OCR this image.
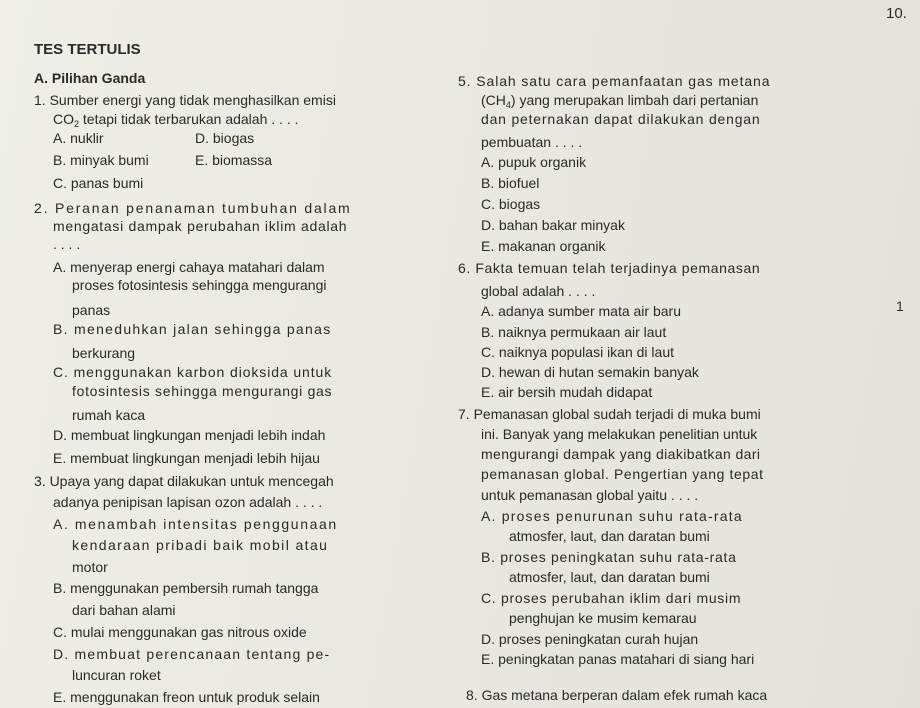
10.
TES TERTULIS
A. Pilihan Ganda
1. Sumber energi yang tidak menghasilkan emisi
$CO_2$ tetapi tidak terbarukan adalah . . . .
A. nuklir	D. biogas
B. minyak bumi	E. biomassa
C. panas bumi
2. Peranan penanaman tumbuhan dalam
mengatasi dampak perubahan iklim adalah
. . . .
A. menyerap energi cahaya matahari dalam
proses fotosintesis sehingga mengurangi
panas
B. meneduhkan jalan sehingga panas
berkurang
C. menggunakan karbon dioksida untuk
fotosintesis sehingga mengurangi gas
rumah kaca
D. membuat lingkungan menjadi lebih indah
E. membuat lingkungan menjadi lebih hijau
3. Upaya yang dapat dilakukan untuk mencegah
adanya penipisan lapisan ozon adalah . . . .
A. menambah intensitas penggunaan
kendaraan pribadi baik mobil atau
motor
B. menggunakan pembersih rumah tangga
dari bahan alami
C. mulai menggunakan gas nitrous oxide
D. membuat perencanaan tentang pe-
luncuran roket
E. menggunakan freon untuk produk selain
5. Salah satu cara pemanfaatan gas metana
$(CH_4)$ yang merupakan limbah dari pertanian
dan peternakan dapat dilakukan dengan
pembuatan . . . .
A. pupuk organik
B. biofuel
C. biogas
D. bahan bakar minyak
E. makanan organik
6. Fakta temuan telah terjadinya pemanasan
global adalah . . . .
1
A. adanya sumber mata air baru
B. naiknya permukaan air laut
C. naiknya populasi ikan di laut
D. hewan di hutan semakin banyak
E. air bersih mudah didapat
7. Pemanasan global sudah terjadi di muka bumi
ini. Banyak yang melakukan penelitian untuk
mengurangi dampak yang diakibatkan dari
pemanasan global. Pengertian yang tepat
untuk pemanasan global yaitu . . . .
A. proses penurunan suhu rata-rata
atmosfer, laut, dan daratan bumi
B. proses peningkatan suhu rata-rata
atmosfer, laut, dan daratan bumi
C. proses perubahan iklim dari musim
penghujan ke musim kemarau
D. proses peningkatan curah hujan
E. peningkatan panas matahari di siang hari
8. Gas metana berperan dalam efek rumah kaca
